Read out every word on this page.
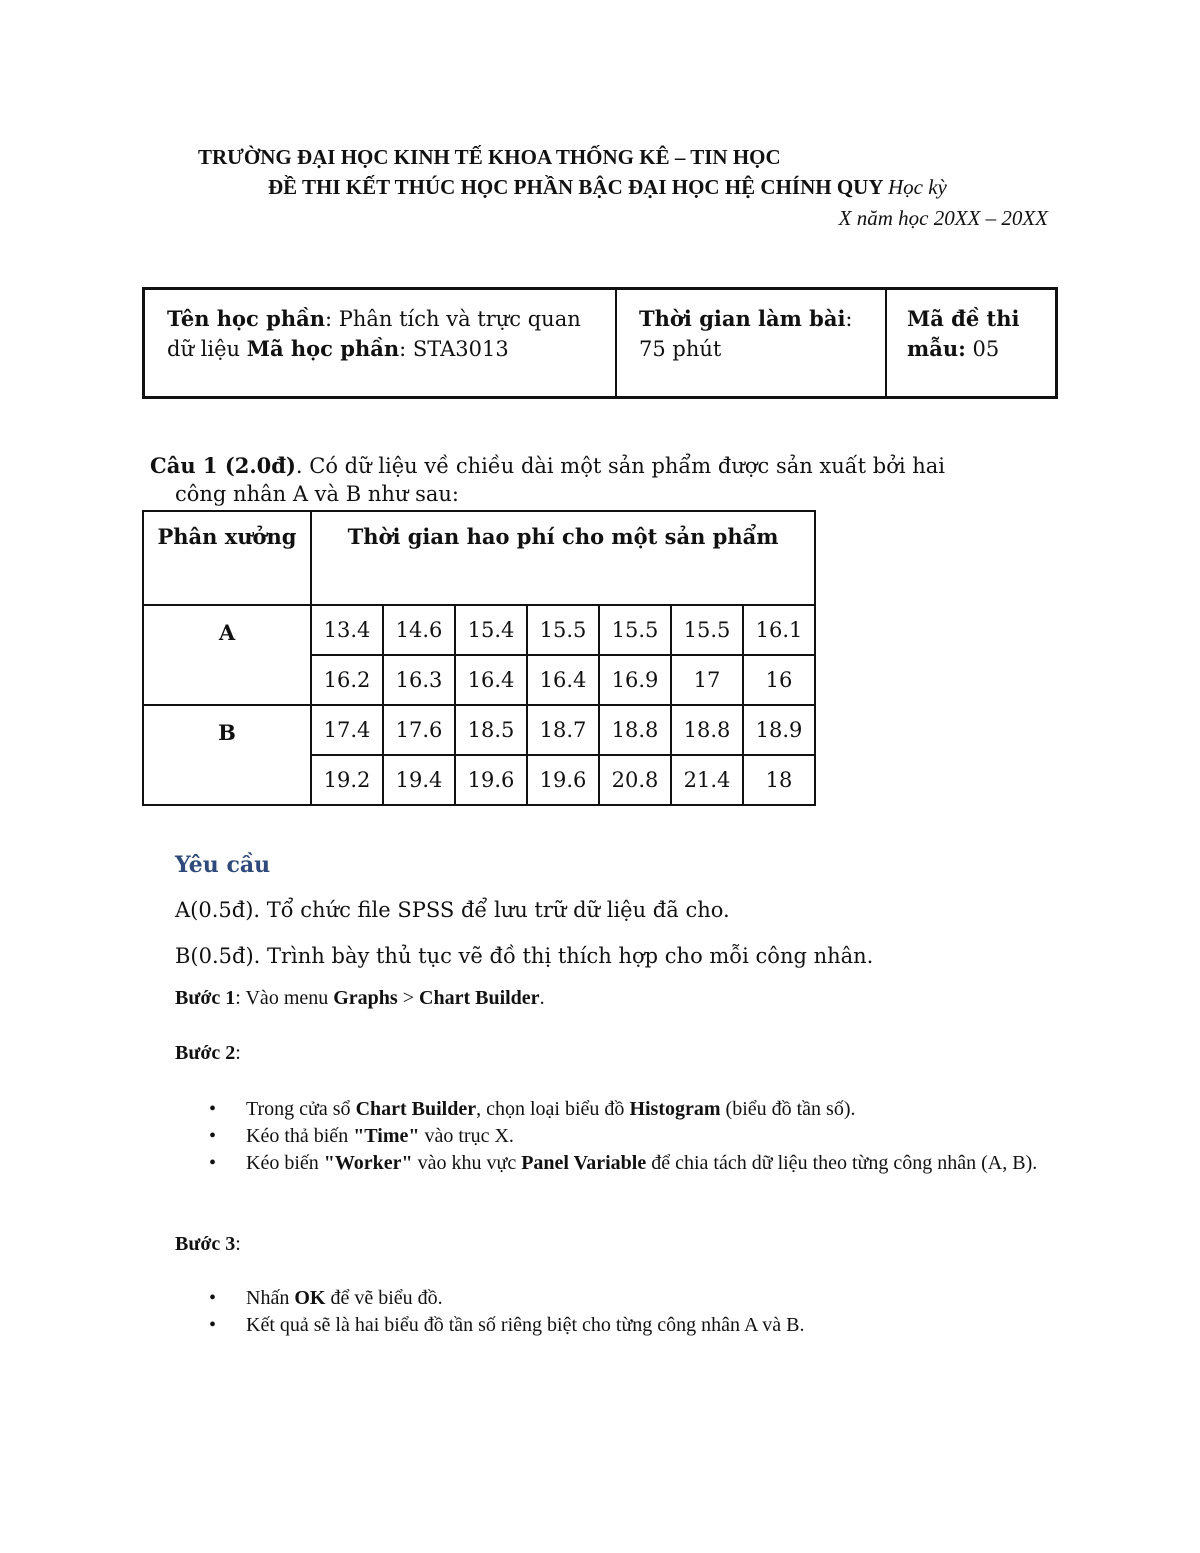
TRƯỜNG ĐẠI HỌC KINH TẾ KHOA THỐNG KÊ – TIN HỌC
ĐỀ THI KẾT THÚC HỌC PHẦN BẬC ĐẠI HỌC HỆ CHÍNH QUY Học kỳ
X năm học 20XX – 20XX
Tên học phần: Phân tích và trực quan dữ liệu Mã học phần: STA3013
Thời gian làm bài: 75 phút
Mã đề thi mẫu: 05
Câu 1 (2.0đ). Có dữ liệu về chiều dài một sản phẩm được sản xuất bởi hai
công nhân A và B như sau:
Phân xưởng	Thời gian hao phí cho một sản phẩm						
A	13.4	14.6	15.4	15.5	15.5	15.5	16.1
	16.2	16.3	16.4	16.4	16.9	17	16
B	17.4	17.6	18.5	18.7	18.8	18.8	18.9
	19.2	19.4	19.6	19.6	20.8	21.4	18
Yêu cầu
A(0.5đ). Tổ chức file SPSS để lưu trữ dữ liệu đã cho.
B(0.5đ). Trình bày thủ tục vẽ đồ thị thích hợp cho mỗi công nhân.
Bước 1: Vào menu Graphs > Chart Builder.
Bước 2:
• Trong cửa sổ Chart Builder, chọn loại biểu đồ Histogram (biểu đồ tần số).
• Kéo thả biến "Time" vào trục X.
• Kéo biến "Worker" vào khu vực Panel Variable để chia tách dữ liệu theo từng công nhân (A, B).
Bước 3:
• Nhấn OK để vẽ biểu đồ.
• Kết quả sẽ là hai biểu đồ tần số riêng biệt cho từng công nhân A và B.
